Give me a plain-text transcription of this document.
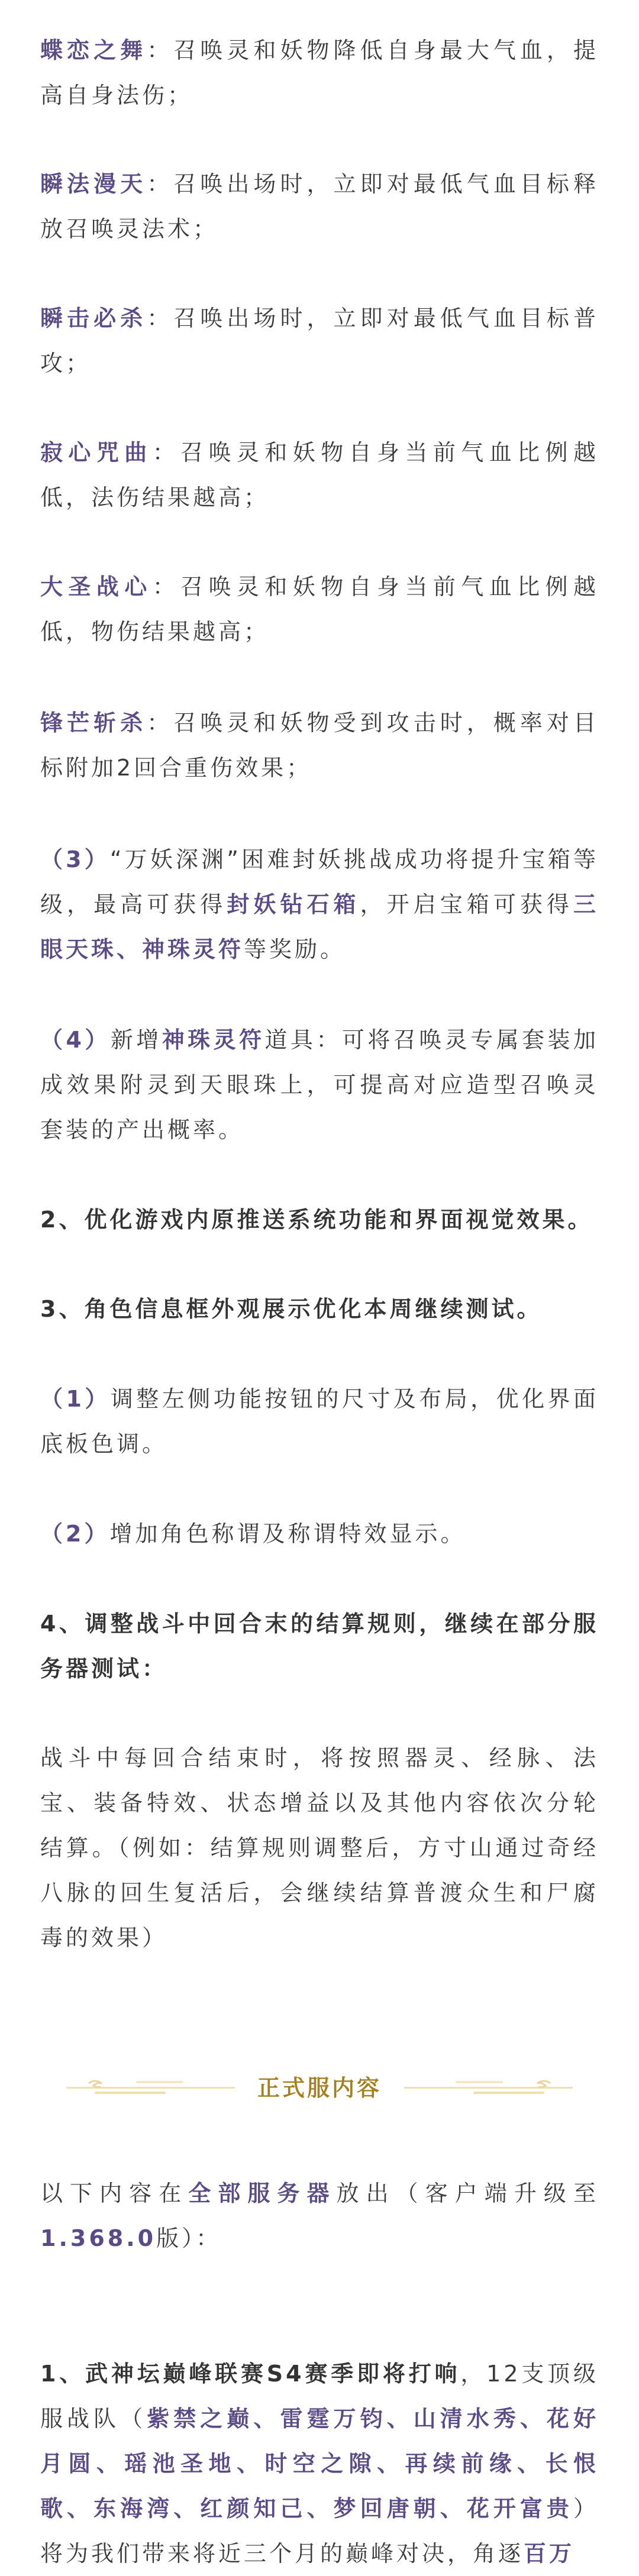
蝶恋之舞：召唤灵和妖物降低自身最大气血，提高自身法伤；
瞬法漫天：召唤出场时，立即对最低气血目标释放召唤灵法术；
瞬击必杀：召唤出场时，立即对最低气血目标普攻；
寂心咒曲：召唤灵和妖物自身当前气血比例越低，法伤结果越高；
大圣战心：召唤灵和妖物自身当前气血比例越低，物伤结果越高；
锋芒斩杀：召唤灵和妖物受到攻击时，概率对目标附加2回合重伤效果；
（3）“万妖深渊”困难封妖挑战成功将提升宝箱等级，最高可获得封妖钻石箱，开启宝箱可获得三眼天珠、神珠灵符等奖励。
（4）新增神珠灵符道具：可将召唤灵专属套装加成效果附灵到天眼珠上，可提高对应造型召唤灵套装的产出概率。
2、优化游戏内原推送系统功能和界面视觉效果。
3、角色信息框外观展示优化本周继续测试。
（1）调整左侧功能按钮的尺寸及布局，优化界面底板色调。
（2）增加角色称谓及称谓特效显示。
4、调整战斗中回合末的结算规则，继续在部分服务器测试：
战斗中每回合结束时，将按照器灵、经脉、法宝、装备特效、状态增益以及其他内容依次分轮结算。（例如：结算规则调整后，方寸山通过奇经八脉的回生复活后，会继续结算普渡众生和尸腐毒的效果）
正式服内容
以下内容在全部服务器放出（客户端升级至1.368.0版）：
1、武神坛巅峰联赛S4赛季即将打响，12支顶级服战队（紫禁之巅、雷霆万钧、山清水秀、花好月圆、瑶池圣地、时空之隙、再续前缘、长恨歌、东海湾、红颜知己、梦回唐朝、花开富贵）将为我们带来将近三个月的巅峰对决，角逐百万
